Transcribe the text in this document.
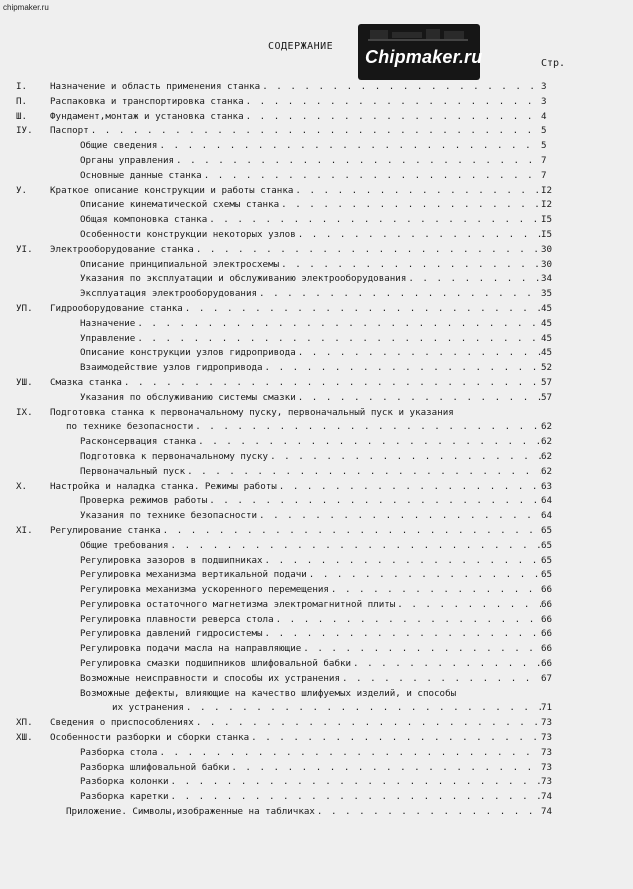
chipmaker.ru
Chipmaker.ru
СОДЕРЖАНИЕ
Стр.
I. Назначение и область применения станка . . .	3
П. Распаковка и транспортировка станка . . .	3
Ш. Фундамент,монтаж и установка станка . . .	4
IУ. Паспорт . . .	5
Общие сведения . . .	5
Органы управления . . .	7
Основные данные станка . . .	7
У. Краткое описание конструкции и работы станка . . .	I2
Описание кинематической схемы станка . . .	I2
Общая компоновка станка . . .	I5
Особенности конструкции некоторых узлов . . .	I5
УI. Электрооборудование станка . . .	30
Описание принципиальной электросхемы . . .	30
Указания по эксплуатации и обслуживанию электрооборудования . . .	34
Эксплуатация электрооборудования . . .	35
УП. Гидрооборудование станка . . .	45
Назначение . . .	45
Управление . . .	45
Описание конструкции узлов гидропривода . . .	45
Взаимодействие узлов гидропривода . . .	52
УШ. Смазка станка . . .	57
Указания по обслуживанию системы смазки . . .	57
IX. Подготовка станка к первоначальному пуску, первоначальный пуск и указания
по технике безопасности . . .	62
Расконсервация станка . . .	62
Подготовка к первоначальному пуску . . .	62
Первоначальный пуск . . .	62
X. Настройка и наладка станка. Режимы работы . . .	63
Проверка режимов работы . . .	64
Указания по технике безопасности . . .	64
XI. Регулирование станка . . .	65
Общие требования . . .	65
Регулировка зазоров в подшипниках . . .	65
Регулировка механизма вертикальной подачи . . .	65
Регулировка механизма ускоренного перемещения . . .	66
Регулировка остаточного магнетизма электромагнитной плиты . . .	66
Регулировка плавности реверса стола . . .	66
Регулировка давлений гидросистемы . . .	66
Регулировка подачи масла на направляющие . . .	66
Регулировка смазки подшипников шлифовальной бабки . . .	66
Возможные неисправности и способы их устранения . . .	67
Возможные дефекты, влияющие на качество шлифуемых изделий, и способы
их устранения . . .	71
ХП. Сведения о приспособлениях . . .	73
ХШ. Особенности разборки и сборки станка . . .	73
Разборка стола . . .	73
Разборка шлифовальной бабки . . .	73
Разборка колонки . . .	73
Разборка каретки . . .	74
Приложение. Символы,изображенные на табличках . . .	74
